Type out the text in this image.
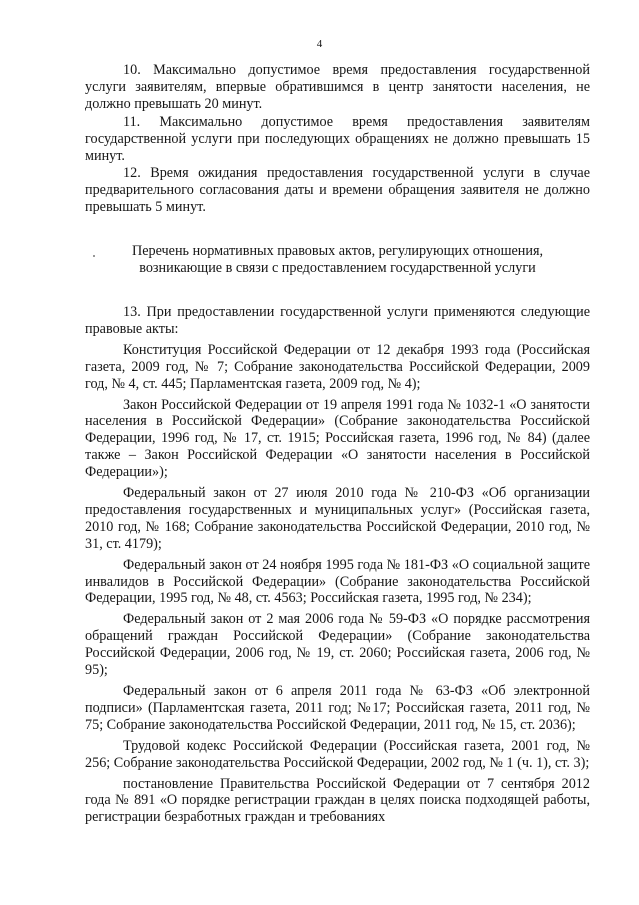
4

10. Максимально допустимое время предоставления государственной услуги заявителям, впервые обратившимся в центр занятости населения, не должно превышать 20 минут.

11. Максимально допустимое время предоставления заявителям государственной услуги при последующих обращениях не должно превышать 15 минут.

12. Время ожидания предоставления государственной услуги в случае предварительного согласования даты и времени обращения заявителя не должно превышать 5 минут.

Перечень нормативных правовых актов, регулирующих отношения,
возникающие в связи с предоставлением государственной услуги

13. При предоставлении государственной услуги применяются следующие правовые акты:

Конституция Российской Федерации от 12 декабря 1993 года (Российская газета, 2009 год, № 7; Собрание законодательства Российской Федерации, 2009 год, № 4, ст. 445; Парламентская газета, 2009 год, № 4);

Закон Российской Федерации от 19 апреля 1991 года № 1032-1 «О занятости населения в Российской Федерации» (Собрание законодательства Российской Федерации, 1996 год, № 17, ст. 1915; Российская газета, 1996 год, № 84) (далее также – Закон Российской Федерации «О занятости населения в Российской Федерации»);

Федеральный закон от 27 июля 2010 года № 210-ФЗ «Об организации предоставления государственных и муниципальных услуг» (Российская газета, 2010 год, № 168; Собрание законодательства Российской Федерации, 2010 год, № 31, ст. 4179);

Федеральный закон от 24 ноября 1995 года № 181-ФЗ «О социальной защите инвалидов в Российской Федерации» (Собрание законодательства Российской Федерации, 1995 год, № 48, ст. 4563; Российская газета, 1995 год, № 234);

Федеральный закон от 2 мая 2006 года № 59-ФЗ «О порядке рассмотрения обращений граждан Российской Федерации» (Собрание законодательства Российской Федерации, 2006 год, № 19, ст. 2060; Российская газета, 2006 год, № 95);

Федеральный закон от 6 апреля 2011 года № 63-ФЗ «Об электронной подписи» (Парламентская газета, 2011 год; №17; Российская газета, 2011 год, № 75; Собрание законодательства Российской Федерации, 2011 год, № 15, ст. 2036);

Трудовой кодекс Российской Федерации (Российская газета, 2001 год, № 256; Собрание законодательства Российской Федерации, 2002 год, № 1 (ч. 1), ст. 3);

постановление Правительства Российской Федерации от 7 сентября 2012 года № 891 «О порядке регистрации граждан в целях поиска подходящей работы, регистрации безработных граждан и требованиях
